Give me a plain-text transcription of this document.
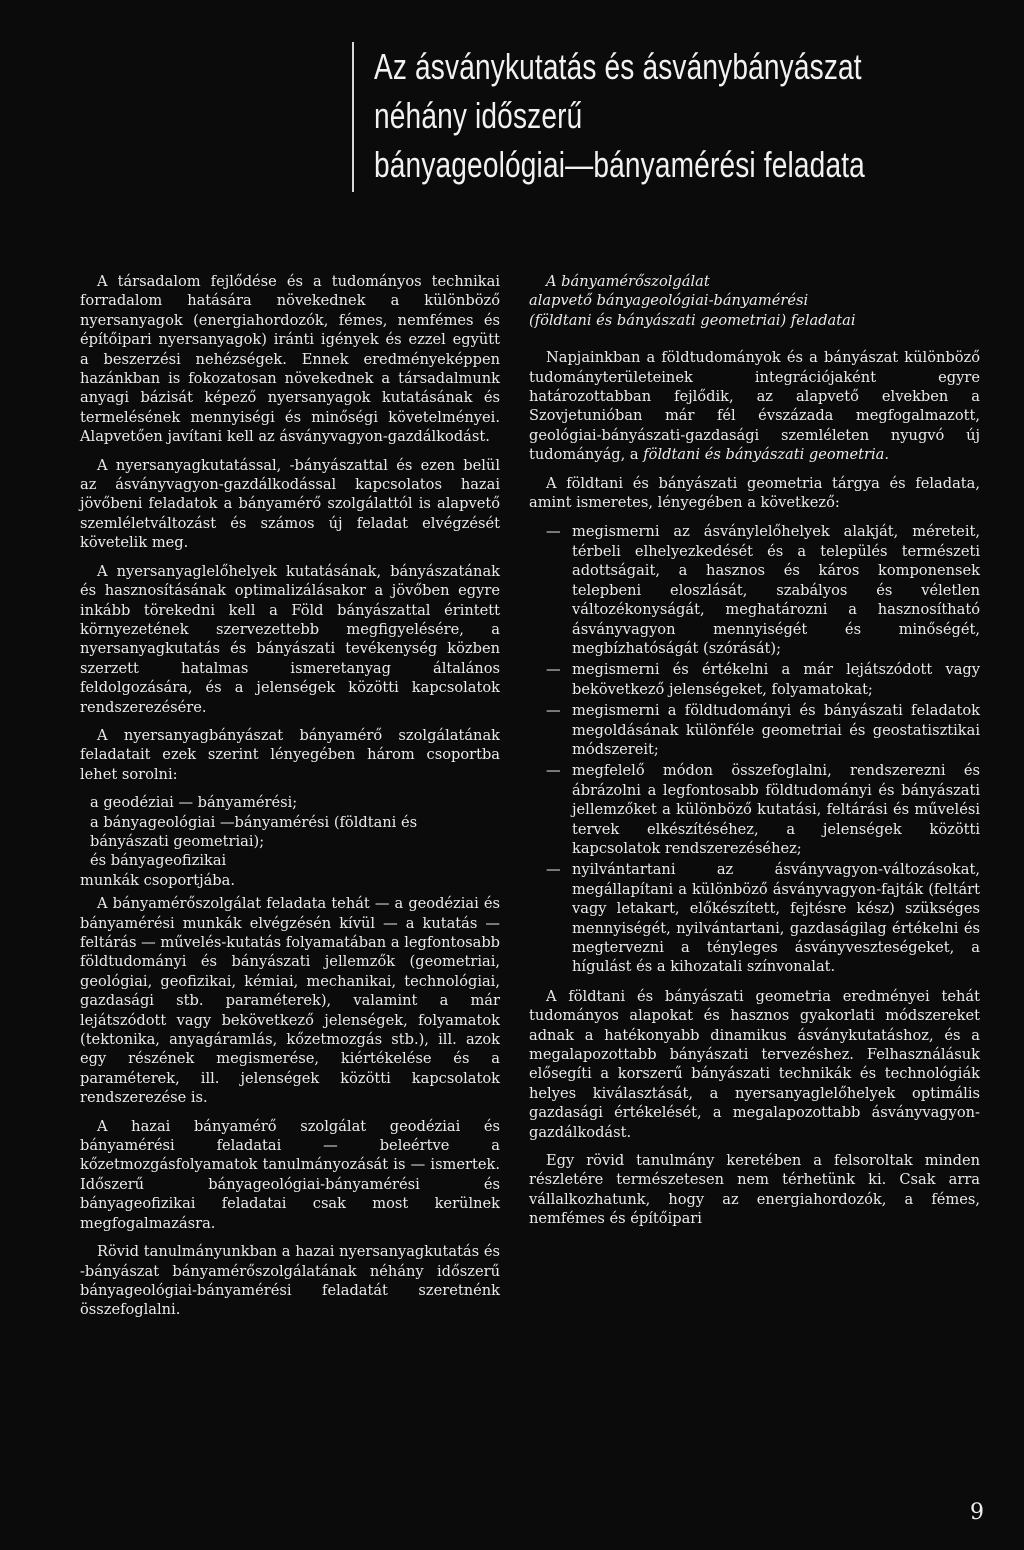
Az ásványkutatás és ásványbányászat
néhány időszerű
bányageológiai—bányamérési feladata

A társadalom fejlődése és a tudományos technikai forradalom hatására növekednek a különböző nyersanyagok (energiahordozók, fémes, nemfémes és építőipari nyersanyagok) iránti igények és ezzel együtt a beszerzési nehézségek. Ennek eredményeképpen hazánkban is fokozatosan növekednek a társadalmunk anyagi bázisát képező nyersanyagok kutatásának és termelésének mennyiségi és minőségi követelményei. Alapvetően javítani kell az ásványvagyon-gazdálkodást.

A nyersanyagkutatással, -bányászattal és ezen belül az ásványvagyon-gazdálkodással kapcsolatos hazai jövőbeni feladatok a bányamérő szolgálattól is alapvető szemléletváltozást és számos új feladat elvégzését követelik meg.

A nyersanyaglelőhelyek kutatásának, bányászatának és hasznosításának optimalizálásakor a jövőben egyre inkább törekedni kell a Föld bányászattal érintett környezetének szervezettebb megfigyelésére, a nyersanyagkutatás és bányászati tevékenység közben szerzett hatalmas ismeretanyag általános feldolgozására, és a jelenségek közötti kapcsolatok rendszerezésére.

A nyersanyagbányászat bányamérő szolgálatának feladatait ezek szerint lényegében három csoportba lehet sorolni:

a geodéziai — bányamérési;

a bányageológiai —bányamérési (földtani és bányászati geometriai);

és bányageofizikai

munkák csoportjába.

A bányamérőszolgálat feladata tehát — a geodéziai és bányamérési munkák elvégzésén kívül — a kutatás — feltárás — művelés-kutatás folyamatában a legfontosabb földtudományi és bányászati jellemzők (geometriai, geológiai, geofizikai, kémiai, mechanikai, technológiai, gazdasági stb. paraméterek), valamint a már lejátszódott vagy bekövetkező jelenségek, folyamatok (tektonika, anyagáramlás, kőzetmozgás stb.), ill. azok egy részének megismerése, kiértékelése és a paraméterek, ill. jelenségek közötti kapcsolatok rendszerezése is.

A hazai bányamérő szolgálat geodéziai és bányamérési feladatai — beleértve a kőzetmozgásfolyamatok tanulmányozását is — ismertek. Időszerű bányageológiai-bányamérési és bányageofizikai feladatai csak most kerülnek megfogalmazásra.

Rövid tanulmányunkban a hazai nyersanyagkutatás és -bányászat bányamérőszolgálatának néhány időszerű bányageológiai-bányamérési feladatát szeretnénk összefoglalni.

A bányamérőszolgálat
alapvető bányageológiai-bányamérési
(földtani és bányászati geometriai) feladatai

Napjainkban a földtudományok és a bányászat különböző tudományterületeinek integrációjaként egyre határozottabban fejlődik, az alapvető elvekben a Szovjetunióban már fél évszázada megfogalmazott, geológiai-bányászati-gazdasági szemléleten nyugvó új tudományág, a földtani és bányászati geometria.

A földtani és bányászati geometria tárgya és feladata, amint ismeretes, lényegében a következő:

— megismerni az ásványlelőhelyek alakját, méreteit, térbeli elhelyezkedését és a település természeti adottságait, a hasznos és káros komponensek telepbeni eloszlását, szabályos és véletlen változékonyságát, meghatározni a hasznosítható ásványvagyon mennyiségét és minőségét, megbízhatóságát (szórását);
— megismerni és értékelni a már lejátszódott vagy bekövetkező jelenségeket, folyamatokat;
— megismerni a földtudományi és bányászati feladatok megoldásának különféle geometriai és geostatisztikai módszereit;
— megfelelő módon összefoglalni, rendszerezni és ábrázolni a legfontosabb földtudományi és bányászati jellemzőket a különböző kutatási, feltárási és művelési tervek elkészítéséhez, a jelenségek közötti kapcsolatok rendszerezéséhez;
— nyilvántartani az ásványvagyon-változásokat, megállapítani a különböző ásványvagyon-fajták (feltárt vagy letakart, előkészített, fejtésre kész) szükséges mennyiségét, nyilvántartani, gazdaságilag értékelni és megtervezni a tényleges ásványveszteségeket, a hígulást és a kihozatali színvonalat.

A földtani és bányászati geometria eredményei tehát tudományos alapokat és hasznos gyakorlati módszereket adnak a hatékonyabb dinamikus ásványkutatáshoz, és a megalapozottabb bányászati tervezéshez. Felhasználásuk elősegíti a korszerű bányászati technikák és technológiák helyes kiválasztását, a nyersanyaglelőhelyek optimális gazdasági értékelését, a megalapozottabb ásványvagyon-gazdálkodást.

Egy rövid tanulmány keretében a felsoroltak minden részletére természetesen nem térhetünk ki. Csak arra vállalkozhatunk, hogy az energiahordozók, a fémes, nemfémes és építőipari

9
